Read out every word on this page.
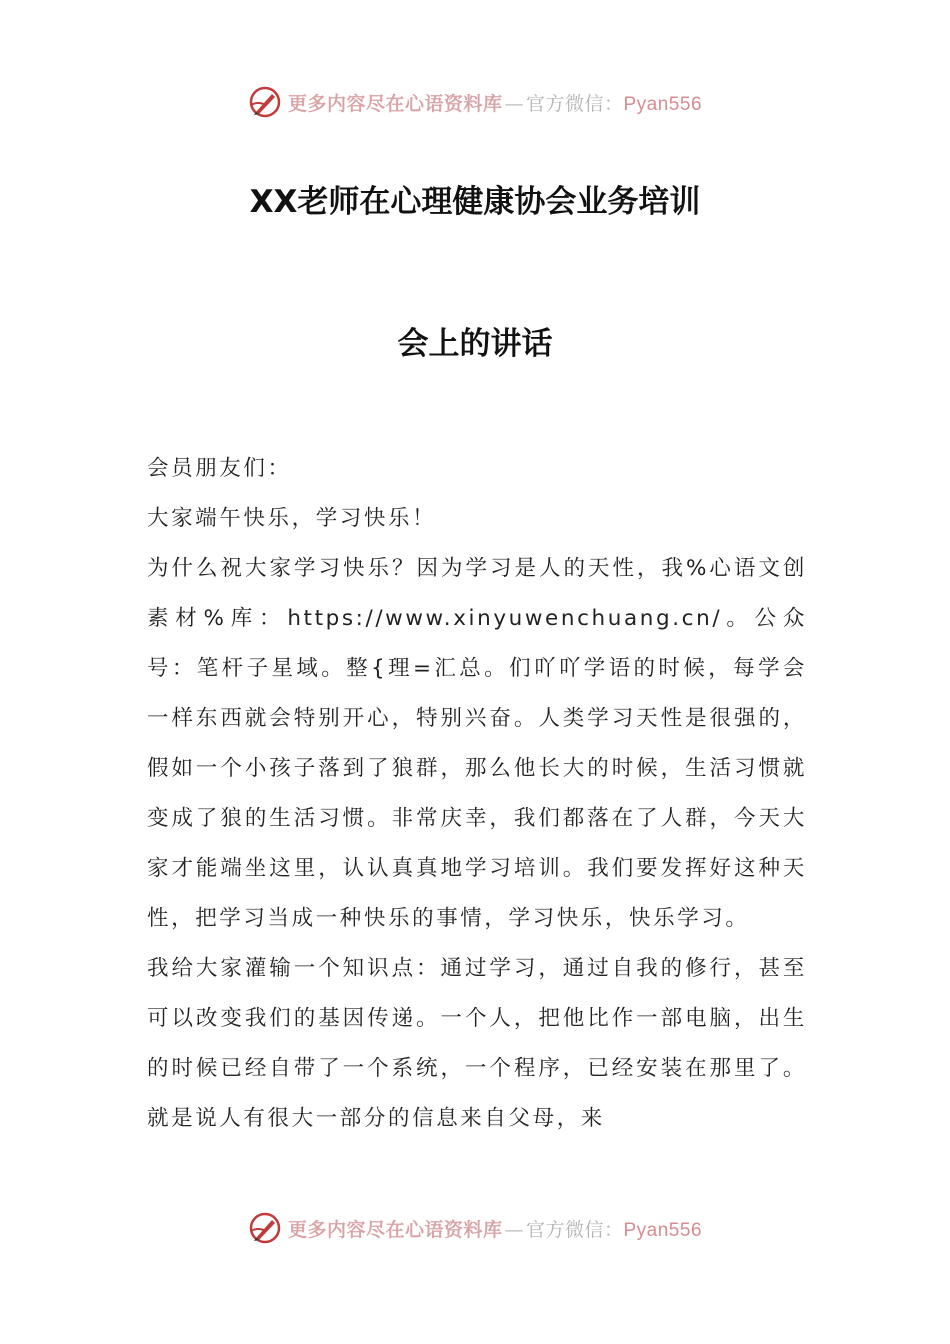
更多内容尽在心语资料库 — 官方微信：Pyan556
XX老师在心理健康协会业务培训
会上的讲话

会员朋友们：

大家端午快乐，学习快乐！

为什么祝大家学习快乐？因为学习是人的天性，我%心语文创素材%库：https://www.xinyuwenchuang.cn/。公众号：笔杆子星域。整{理=汇总。们吖吖学语的时候，每学会一样东西就会特别开心，特别兴奋。人类学习天性是很强的，假如一个小孩子落到了狼群，那么他长大的时候，生活习惯就变成了狼的生活习惯。非常庆幸，我们都落在了人群，今天大家才能端坐这里，认认真真地学习培训。我们要发挥好这种天性，把学习当成一种快乐的事情，学习快乐，快乐学习。

我给大家灌输一个知识点：通过学习，通过自我的修行，甚至可以改变我们的基因传递。一个人，把他比作一部电脑，出生的时候已经自带了一个系统，一个程序，已经安装在那里了。就是说人有很大一部分的信息来自父母，来

更多内容尽在心语资料库 — 官方微信：Pyan556
